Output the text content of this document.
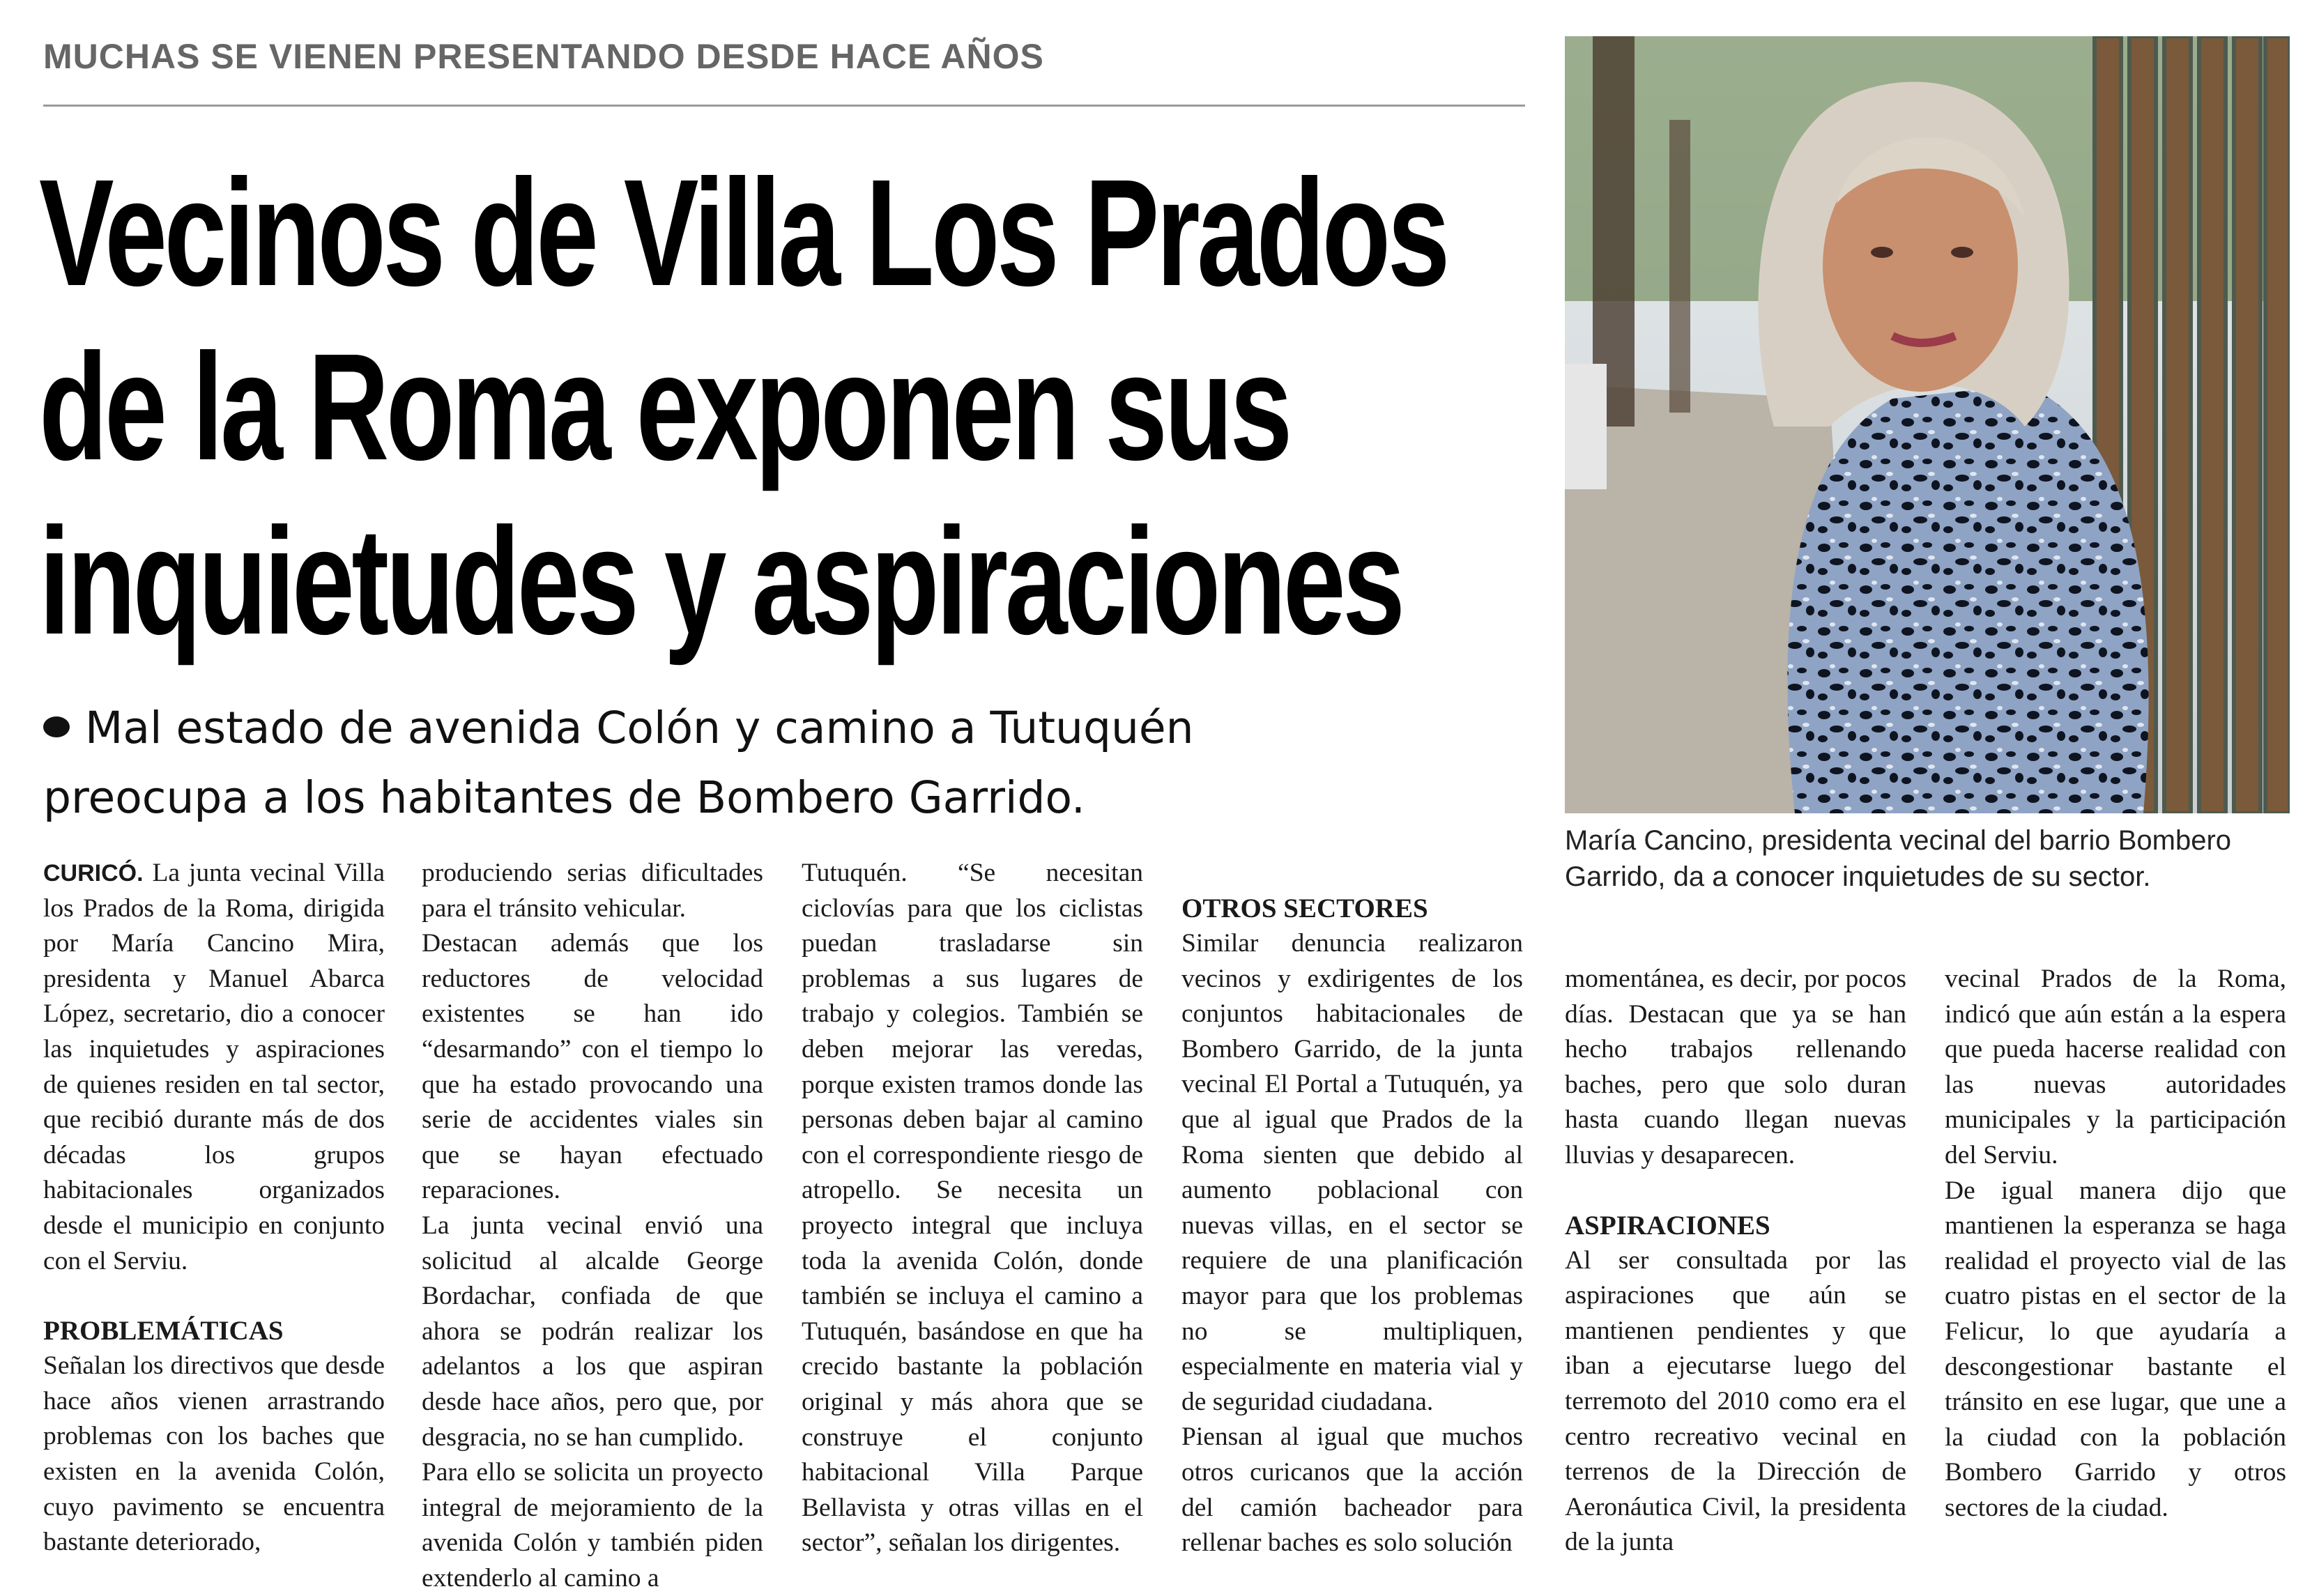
MUCHAS SE VIENEN PRESENTANDO DESDE HACE AÑOS
Vecinos de Villa Los Prados
de la Roma exponen sus
inquietudes y aspiraciones
Mal estado de avenida Colón y camino a Tutuquén
preocupa a los habitantes de Bombero Garrido.
María Cancino, presidenta vecinal del barrio Bombero Garrido, da a conocer inquietudes de su sector.

CURICÓ. La junta vecinal Villa los Prados de la Roma, dirigida por María Cancino Mira, presidenta y Manuel Abarca López, secretario, dio a conocer las inquietudes y aspiraciones de quienes residen en tal sector, que recibió durante más de dos décadas los grupos habitacionales organizados desde el municipio en conjunto con el Serviu.

PROBLEMÁTICAS

Señalan los directivos que desde hace años vienen arrastrando problemas con los baches que existen en la avenida Colón, cuyo pavimento se encuentra bastante deteriorado,

produciendo serias dificultades para el tránsito vehicular.

Destacan además que los reductores de velocidad existentes se han ido “desarmando” con el tiempo lo que ha estado provocando una serie de accidentes viales sin que se hayan efectuado reparaciones.

La junta vecinal envió una solicitud al alcalde George Bordachar, confiada de que ahora se podrán realizar los adelantos a los que aspiran desde hace años, pero que, por desgracia, no se han cumplido.

Para ello se solicita un proyecto integral de mejoramiento de la avenida Colón y también piden extenderlo al camino a

Tutuquén. “Se necesitan ciclovías para que los ciclistas puedan trasladarse sin problemas a sus lugares de trabajo y colegios. También se deben mejorar las veredas, porque existen tramos donde las personas deben bajar al camino con el correspondiente riesgo de atropello. Se necesita un proyecto integral que incluya toda la avenida Colón, donde también se incluya el camino a Tutuquén, basándose en que ha crecido bastante la población original y más ahora que se construye el conjunto habitacional Villa Parque Bellavista y otras villas en el sector”, señalan los dirigentes.

OTROS SECTORES

Similar denuncia realizaron vecinos y exdirigentes de los conjuntos habitacionales de Bombero Garrido, de la junta vecinal El Portal a Tutuquén, ya que al igual que Prados de la Roma sienten que debido al aumento poblacional con nuevas villas, en el sector se requiere de una planificación mayor para que los problemas no se multipliquen, especialmente en materia vial y de seguridad ciudadana.

Piensan al igual que muchos otros curicanos que la acción del camión bacheador para rellenar baches es solo solución

momentánea, es decir, por pocos días. Destacan que ya se han hecho trabajos rellenando baches, pero que solo duran hasta cuando llegan nuevas lluvias y desaparecen.

ASPIRACIONES

Al ser consultada por las aspiraciones que aún se mantienen pendientes y que iban a ejecutarse luego del terremoto del 2010 como era el centro recreativo vecinal en terrenos de la Dirección de Aeronáutica Civil, la presidenta de la junta

vecinal Prados de la Roma, indicó que aún están a la espera que pueda hacerse realidad con las nuevas autoridades municipales y la participación del Serviu.

De igual manera dijo que mantienen la esperanza se haga realidad el proyecto vial de las cuatro pistas en el sector de la Felicur, lo que ayudaría a descongestionar bastante el tránsito en ese lugar, que une a la ciudad con la población Bombero Garrido y otros sectores de la ciudad.
